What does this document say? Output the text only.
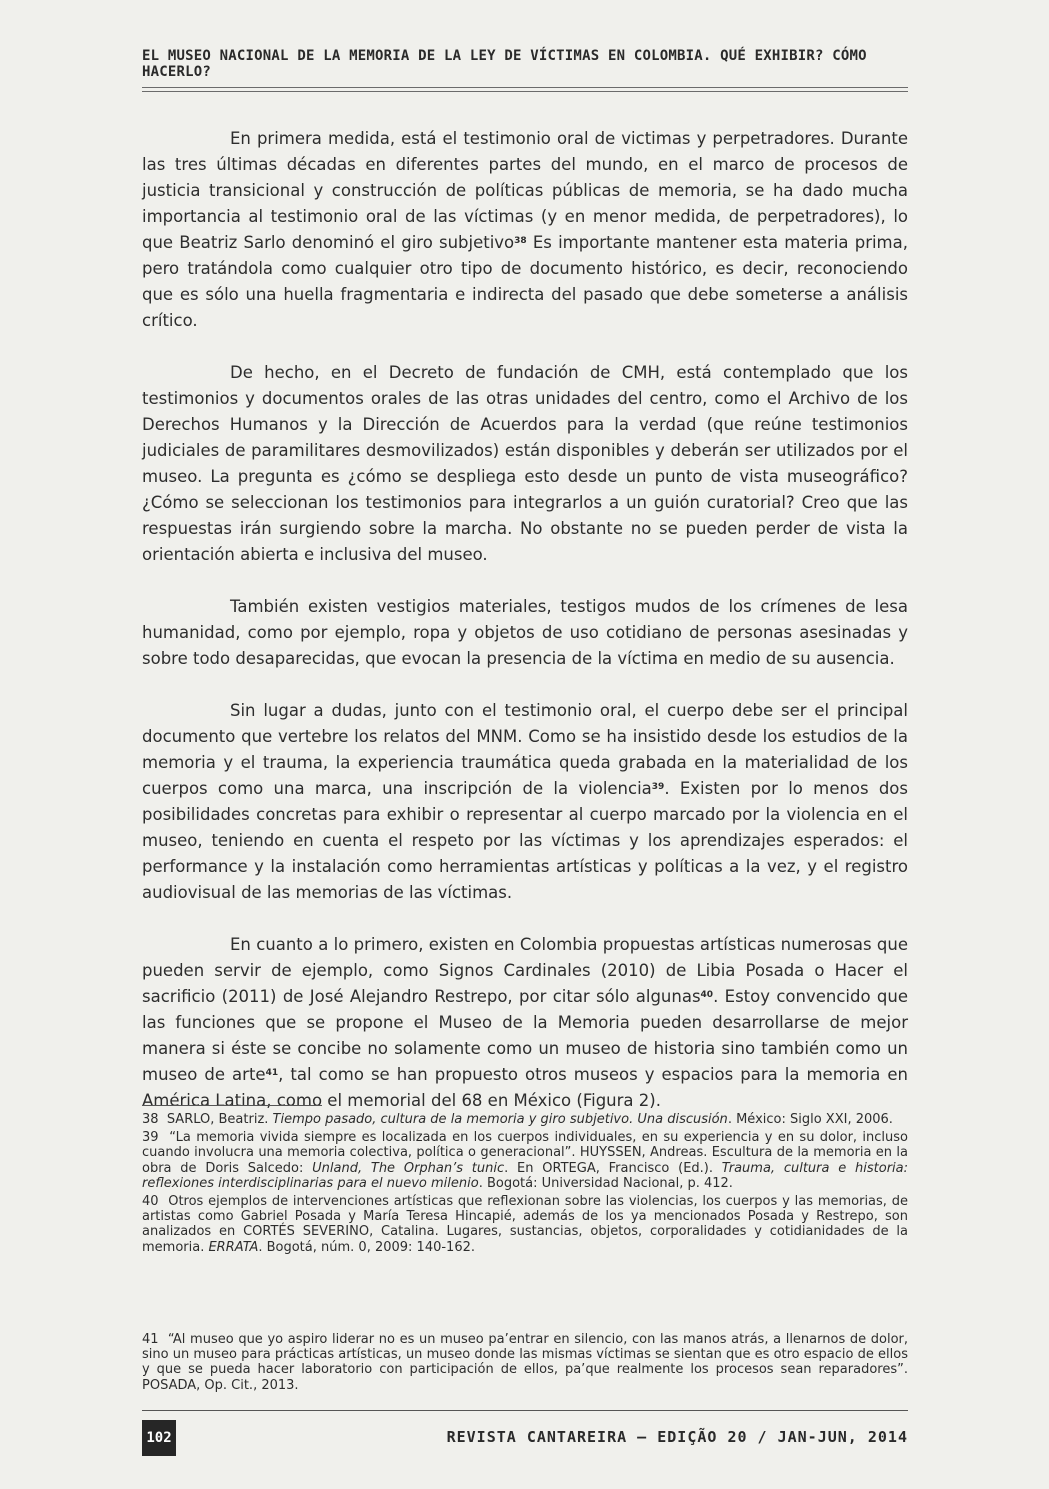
EL MUSEO NACIONAL DE LA MEMORIA DE LA LEY DE VÍCTIMAS EN COLOMBIA. QUÉ EXHIBIR? CÓMO HACERLO?

En primera medida, está el testimonio oral de victimas y perpetradores. Durante las tres últimas décadas en diferentes partes del mundo, en el marco de procesos de justicia transicional y construcción de políticas públicas de memoria, se ha dado mucha importancia al testimonio oral de las víctimas (y en menor medida, de perpetradores), lo que Beatriz Sarlo denominó el giro subjetivo$^{38}$ Es importante mantener esta materia prima, pero tratándola como cualquier otro tipo de documento histórico, es decir, reconociendo que es sólo una huella fragmentaria e indirecta del pasado que debe someterse a análisis crítico.

De hecho, en el Decreto de fundación de CMH, está contemplado que los testimonios y documentos orales de las otras unidades del centro, como el Archivo de los Derechos Humanos y la Dirección de Acuerdos para la verdad (que reúne testimonios judiciales de paramilitares desmovilizados) están disponibles y deberán ser utilizados por el museo. La pregunta es ¿cómo se despliega esto desde un punto de vista museográfico? ¿Cómo se seleccionan los testimonios para integrarlos a un guión curatorial? Creo que las respuestas irán surgiendo sobre la marcha. No obstante no se pueden perder de vista la orientación abierta e inclusiva del museo.

También existen vestigios materiales, testigos mudos de los crímenes de lesa humanidad, como por ejemplo, ropa y objetos de uso cotidiano de personas asesinadas y sobre todo desaparecidas, que evocan la presencia de la víctima en medio de su ausencia.

Sin lugar a dudas, junto con el testimonio oral, el cuerpo debe ser el principal documento que vertebre los relatos del MNM. Como se ha insistido desde los estudios de la memoria y el trauma, la experiencia traumática queda grabada en la materialidad de los cuerpos como una marca, una inscripción de la violencia$^{39}$. Existen por lo menos dos posibilidades concretas para exhibir o representar al cuerpo marcado por la violencia en el museo, teniendo en cuenta el respeto por las víctimas y los aprendizajes esperados: el performance y la instalación como herramientas artísticas y políticas a la vez, y el registro audiovisual de las memorias de las víctimas.

En cuanto a lo primero, existen en Colombia propuestas artísticas numerosas que pueden servir de ejemplo, como Signos Cardinales (2010) de Libia Posada o Hacer el sacrificio (2011) de José Alejandro Restrepo, por citar sólo algunas$^{40}$. Estoy convencido que las funciones que se propone el Museo de la Memoria pueden desarrollarse de mejor manera si éste se concibe no solamente como un museo de historia sino también como un museo de arte$^{41}$, tal como se han propuesto otros museos y espacios para la memoria en América Latina, como el memorial del 68 en México (Figura 2).

38 SARLO, Beatriz. Tiempo pasado, cultura de la memoria y giro subjetivo. Una discusión. México: Siglo XXI, 2006.
39 “La memoria vivida siempre es localizada en los cuerpos individuales, en su experiencia y en su dolor, incluso cuando involucra una memoria colectiva, política o generacional”. HUYSSEN, Andreas. Escultura de la memoria en la obra de Doris Salcedo: Unland, The Orphan’s tunic. En ORTEGA, Francisco (Ed.). Trauma, cultura e historia: reflexiones interdisciplinarias para el nuevo milenio. Bogotá: Universidad Nacional, p. 412.
40 Otros ejemplos de intervenciones artísticas que reflexionan sobre las violencias, los cuerpos y las memorias, de artistas como Gabriel Posada y María Teresa Hincapié, además de los ya mencionados Posada y Restrepo, son analizados en CORTÉS SEVERINO, Catalina. Lugares, sustancias, objetos, corporalidades y cotidianidades de la memoria. ERRATA. Bogotá, núm. 0, 2009: 140-162.
41 “Al museo que yo aspiro liderar no es un museo pa’entrar en silencio, con las manos atrás, a llenarnos de dolor, sino un museo para prácticas artísticas, un museo donde las mismas víctimas se sientan que es otro espacio de ellos y que se pueda hacer laboratorio con participación de ellos, pa’que realmente los procesos sean reparadores”. POSADA, Op. Cit., 2013.
102	REVISTA CANTAREIRA – EDIÇÃO 20 / JAN-JUN, 2014
